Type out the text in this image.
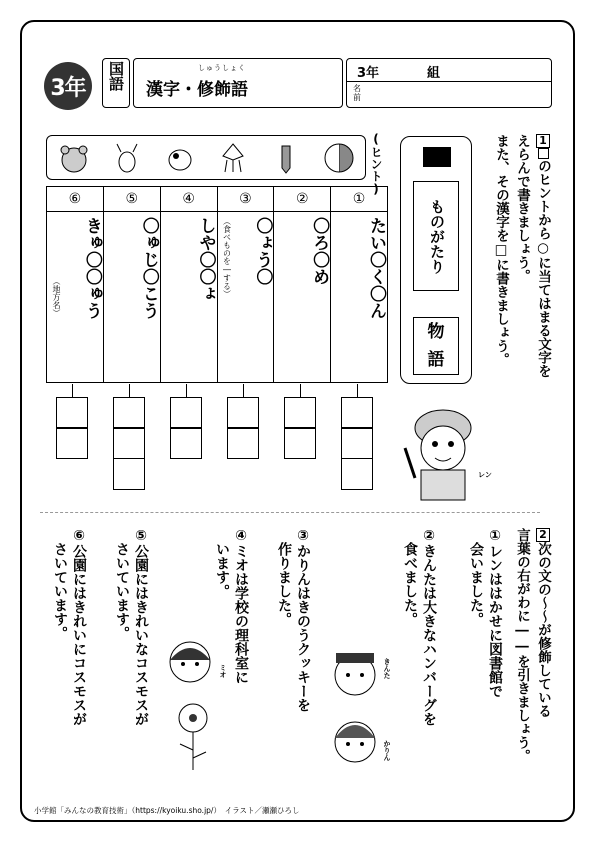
3年	国語	しゅうしょく
漢字・修飾語
3年	組
名前
1のヒントから○に当てはまる文字を
えらんで書きましょう。
また、その漢字を□に書きましょう。
ものがたり
物
語
レン
(ヒント)
①
たい〇く〇ん
②
〇ろ〇め
③
〇ょう〇
（食べものを―する）
④
しや〇〇ょ
⑤
〇ゅじ〇こう
⑥
きゅ〇〇ゅう
（地方名）
2次の文の～～が修飾している
言葉の右がわに――を引きましょう。
①レンははかせに図書館で
　会いました。
②きんたは大きなハンバーグを
　食べました。
③かりんはきのうクッキーを
　作りました。
④ミオは学校の理科室に
　います。
⑤公園にはきれいなコスモスが
　さいています。
⑥公園にはきれいにコスモスが
　さいています。
きんた
かりん
ミオ
小学館「みんなの教育技術」（https://kyoiku.sho.jp/）　イラスト／瀬瀬ひろし
